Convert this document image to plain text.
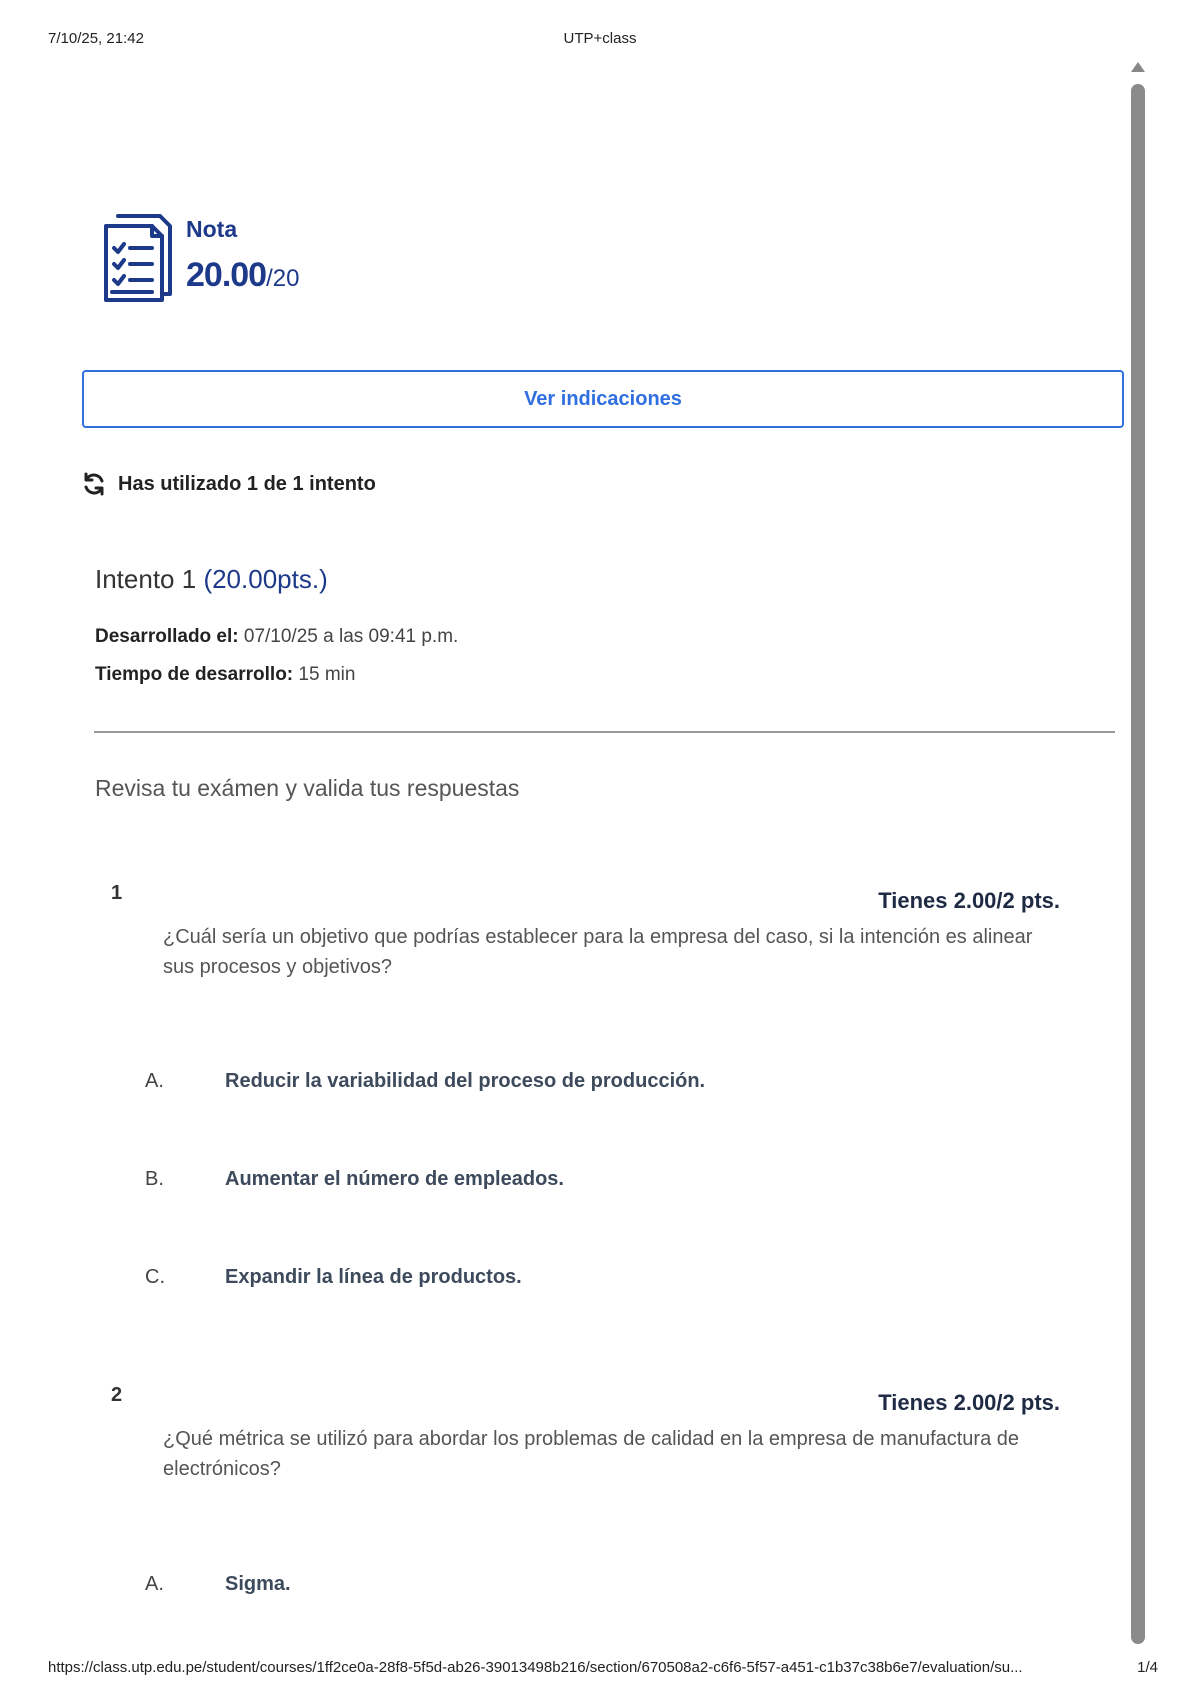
7/10/25, 21:42	UTP+class
Nota
20.00/20
Ver indicaciones
Has utilizado 1 de 1 intento
Intento 1 (20.00pts.)
Desarrollado el: 07/10/25 a las 09:41 p.m.
Tiempo de desarrollo: 15 min
Revisa tu exámen y valida tus respuestas
1	Tienes 2.00/2 pts.
¿Cuál sería un objetivo que podrías establecer para la empresa del caso, si la intención es alinear sus procesos y objetivos?
A.	Reducir la variabilidad del proceso de producción.
B.	Aumentar el número de empleados.
C.	Expandir la línea de productos.
2	Tienes 2.00/2 pts.
¿Qué métrica se utilizó para abordar los problemas de calidad en la empresa de manufactura de electrónicos?
A.	Sigma.
https://class.utp.edu.pe/student/courses/1ff2ce0a-28f8-5f5d-ab26-39013498b216/section/670508a2-c6f6-5f57-a451-c1b37c38b6e7/evaluation/su...	1/4
